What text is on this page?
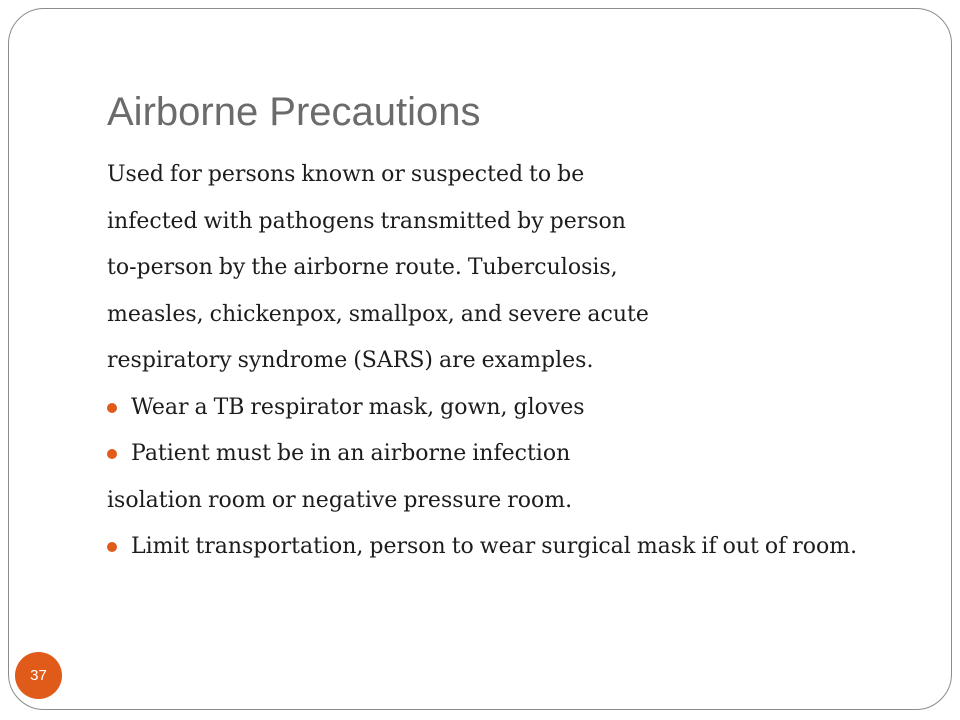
Airborne Precautions
Used for persons known or suspected to be
infected with pathogens transmitted by person
to-person by the airborne route. Tuberculosis,
measles, chickenpox, smallpox, and severe acute
respiratory syndrome (SARS) are examples.
Wear a TB respirator mask, gown, gloves
Patient must be in an airborne infection
isolation room or negative pressure room.
Limit transportation, person to wear surgical mask if out of room.
37
